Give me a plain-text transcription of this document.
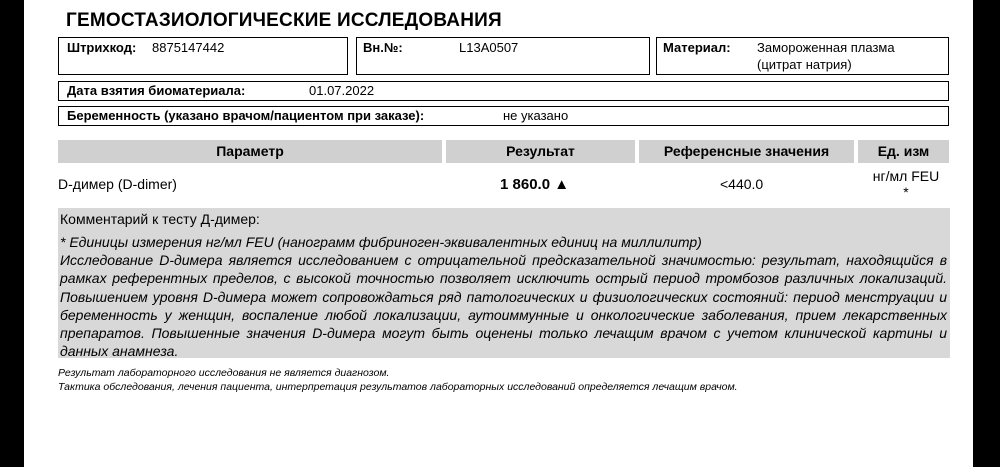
ГЕМОСТАЗИОЛОГИЧЕСКИЕ ИССЛЕДОВАНИЯ
Штрихкод: 8875147442	Вн.№:	L13A0507	Материал: Замороженная плазма
(цитрат натрия)
Дата взятия биоматериала:	01.07.2022
Беременность (указано врачом/пациентом при заказе):	не указано
Параметр	Результат	Референсные значения	Ед. изм
D-димер (D-dimer)	1 860.0 ▲	<440.0	нг/мл FEU
*
Комментарий к тесту Д-димер:

* Единицы измерения нг/мл FEU (нанограмм фибриноген-эквивалентных единиц на миллилитр)

Исследование D-димера является исследованием с отрицательной предсказательной значимостью: результат, находящийся в рамках референтных пределов, с высокой точностью позволяет исключить острый период тромбозов различных локализаций. Повышением уровня D-димера может сопровождаться ряд патологических и физиологических состояний: период менструации и беременность у женщин, воспаление любой локализации, аутоиммунные и онкологические заболевания, прием лекарственных препаратов. Повышенные значения D-димера могут быть оценены только лечащим врачом с учетом клинической картины и данных анамнеза.

Результат лабораторного исследования не является диагнозом.
Тактика обследования, лечения пациента, интерпретация результатов лабораторных исследований определяется лечащим врачом.
